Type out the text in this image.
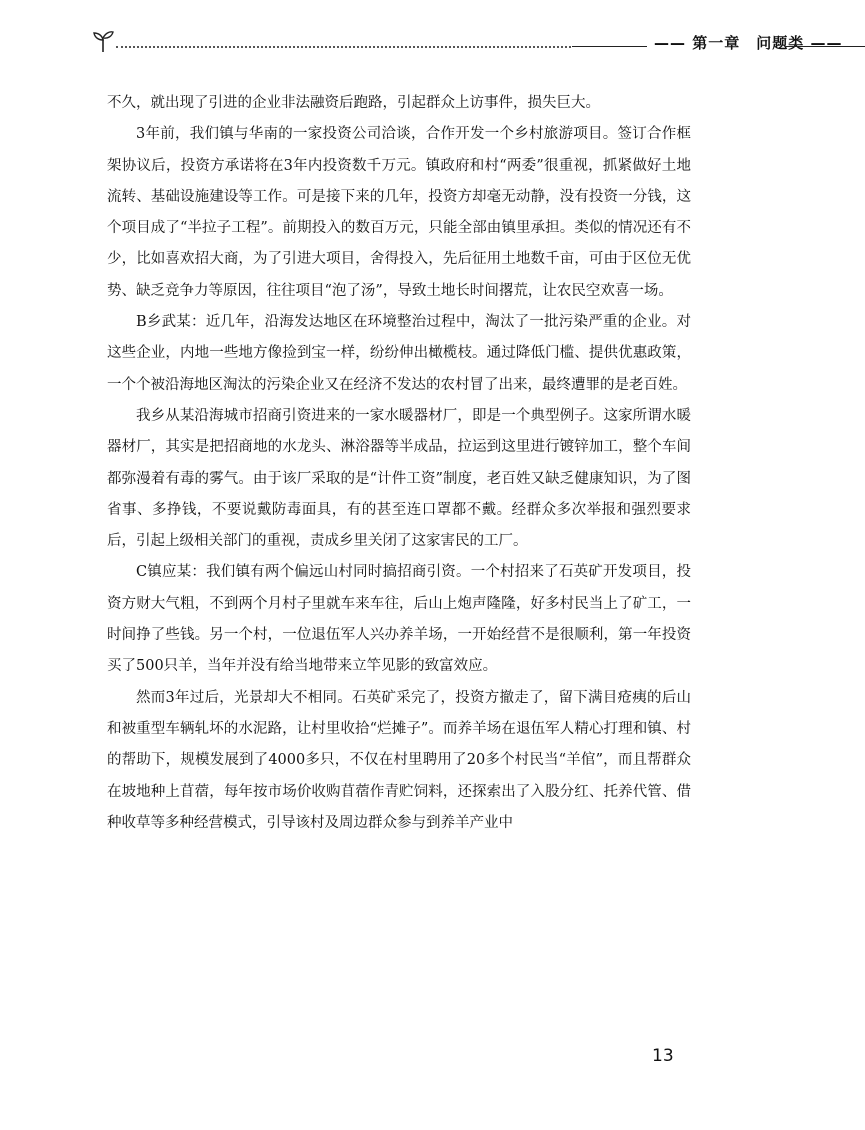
—— 第一章　问题类 ——

不久，就出现了引进的企业非法融资后跑路，引起群众上访事件，损失巨大。

3年前，我们镇与华南的一家投资公司洽谈，合作开发一个乡村旅游项目。签订合作框架协议后，投资方承诺将在3年内投资数千万元。镇政府和村“两委”很重视，抓紧做好土地流转、基础设施建设等工作。可是接下来的几年，投资方却毫无动静，没有投资一分钱，这个项目成了“半拉子工程”。前期投入的数百万元，只能全部由镇里承担。类似的情况还有不少，比如喜欢招大商，为了引进大项目，舍得投入，先后征用土地数千亩，可由于区位无优势、缺乏竞争力等原因，往往项目“泡了汤”，导致土地长时间撂荒，让农民空欢喜一场。

B乡武某：近几年，沿海发达地区在环境整治过程中，淘汰了一批污染严重的企业。对这些企业，内地一些地方像捡到宝一样，纷纷伸出橄榄枝。通过降低门槛、提供优惠政策，一个个被沿海地区淘汰的污染企业又在经济不发达的农村冒了出来，最终遭罪的是老百姓。

我乡从某沿海城市招商引资进来的一家水暖器材厂，即是一个典型例子。这家所谓水暖器材厂，其实是把招商地的水龙头、淋浴器等半成品，拉运到这里进行镀锌加工，整个车间都弥漫着有毒的雾气。由于该厂采取的是“计件工资”制度，老百姓又缺乏健康知识，为了图省事、多挣钱，不要说戴防毒面具，有的甚至连口罩都不戴。经群众多次举报和强烈要求后，引起上级相关部门的重视，责成乡里关闭了这家害民的工厂。

C镇应某：我们镇有两个偏远山村同时搞招商引资。一个村招来了石英矿开发项目，投资方财大气粗，不到两个月村子里就车来车往，后山上炮声隆隆，好多村民当上了矿工，一时间挣了些钱。另一个村，一位退伍军人兴办养羊场，一开始经营不是很顺利，第一年投资买了500只羊，当年并没有给当地带来立竿见影的致富效应。

然而3年过后，光景却大不相同。石英矿采完了，投资方撤走了，留下满目疮痍的后山和被重型车辆轧坏的水泥路，让村里收拾“烂摊子”。而养羊场在退伍军人精心打理和镇、村的帮助下，规模发展到了4000多只，不仅在村里聘用了20多个村民当“羊倌”，而且帮群众在坡地种上苜蓿，每年按市场价收购苜蓿作青贮饲料，还探索出了入股分红、托养代管、借种收草等多种经营模式，引导该村及周边群众参与到养羊产业中

13
